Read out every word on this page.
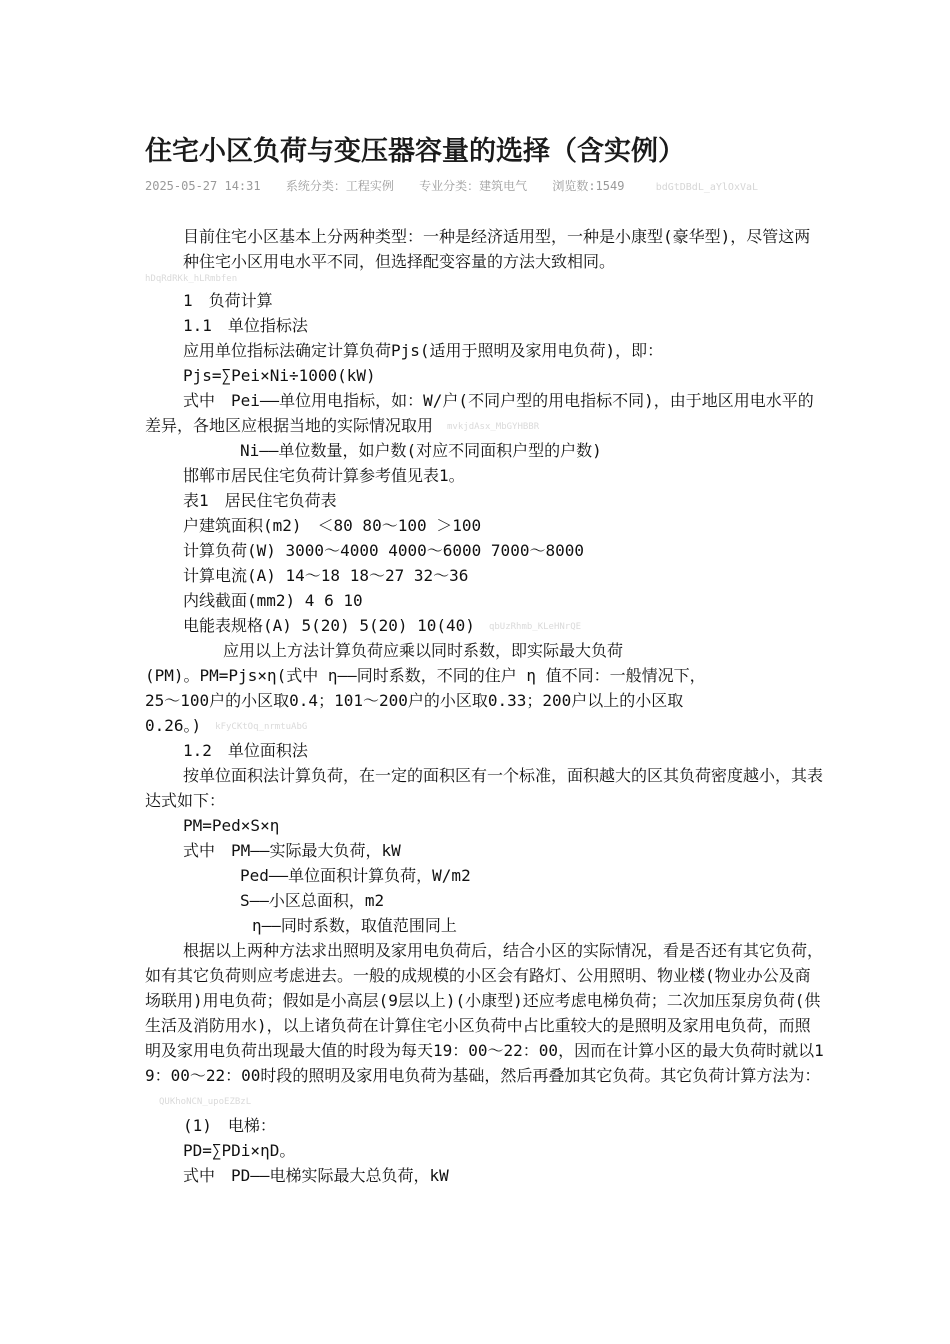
住宅小区负荷与变压器容量的选择（含实例）
2025-05-27 14:31 系统分类：工程实例 专业分类：建筑电气 浏览数:1549	bdGtDBdL_aYlOxVaL

目前住宅小区基本上分两种类型：一种是经济适用型，一种是小康型(豪华型)，尽管这两种住宅小区用电水平不同，但选择配变容量的方法大致相同。

hDqRdRKk_hLRmbfen

1　负荷计算

1.1　单位指标法

应用单位指标法确定计算负荷Pjs(适用于照明及家用电负荷)，即：

Pjs=∑Pei×Ni÷1000(kW)

式中　Pei——单位用电指标，如：W/户(不同户型的用电指标不同)，由于地区用电水平的差异，各地区应根据当地的实际情况取用 mvkjdAsx_MbGYHBBR

Ni——单位数量，如户数(对应不同面积户型的户数)

邯郸市居民住宅负荷计算参考值见表1。

表1　居民住宅负荷表

户建筑面积(m2)　＜80 80～100 ＞100

计算负荷(W) 3000～4000 4000～6000 7000～8000

计算电流(A) 14～18 18～27 32～36

内线截面(mm2) 4 6 10

电能表规格(A) 5(20) 5(20) 10(40) qbUzRhmb_KLeHNrQE

应用以上方法计算负荷应乘以同时系数，即实际最大负荷

(PM)。PM=Pjs×η(式中 η——同时系数，不同的住户 η 值不同：一般情况下，

25～100户的小区取0.4；101～200户的小区取0.33；200户以上的小区取

0.26。) kFyCKtOq_nrmtuAbG

1.2　单位面积法

按单位面积法计算负荷，在一定的面积区有一个标准，面积越大的区其负荷密度越小，其表达式如下：

PM=Ped×S×η

式中　PM——实际最大负荷，kW

Ped——单位面积计算负荷，W/m2

S——小区总面积，m2

η——同时系数，取值范围同上

根据以上两种方法求出照明及家用电负荷后，结合小区的实际情况，看是否还有其它负荷，如有其它负荷则应考虑进去。一般的成规模的小区会有路灯、公用照明、物业楼(物业办公及商场联用)用电负荷；假如是小高层(9层以上)(小康型)还应考虑电梯负荷；二次加压泵房负荷(供生活及消防用水)，以上诸负荷在计算住宅小区负荷中占比重较大的是照明及家用电负荷，而照明及家用电负荷出现最大值的时段为每天19：00～22：00，因而在计算小区的最大负荷时就以19：00～22：00时段的照明及家用电负荷为基础，然后再叠加其它负荷。其它负荷计算方法为：QUKhoNCN_upoEZBzL

(1)　电梯：

PD=∑PDi×ηD。

式中　PD——电梯实际最大总负荷，kW
